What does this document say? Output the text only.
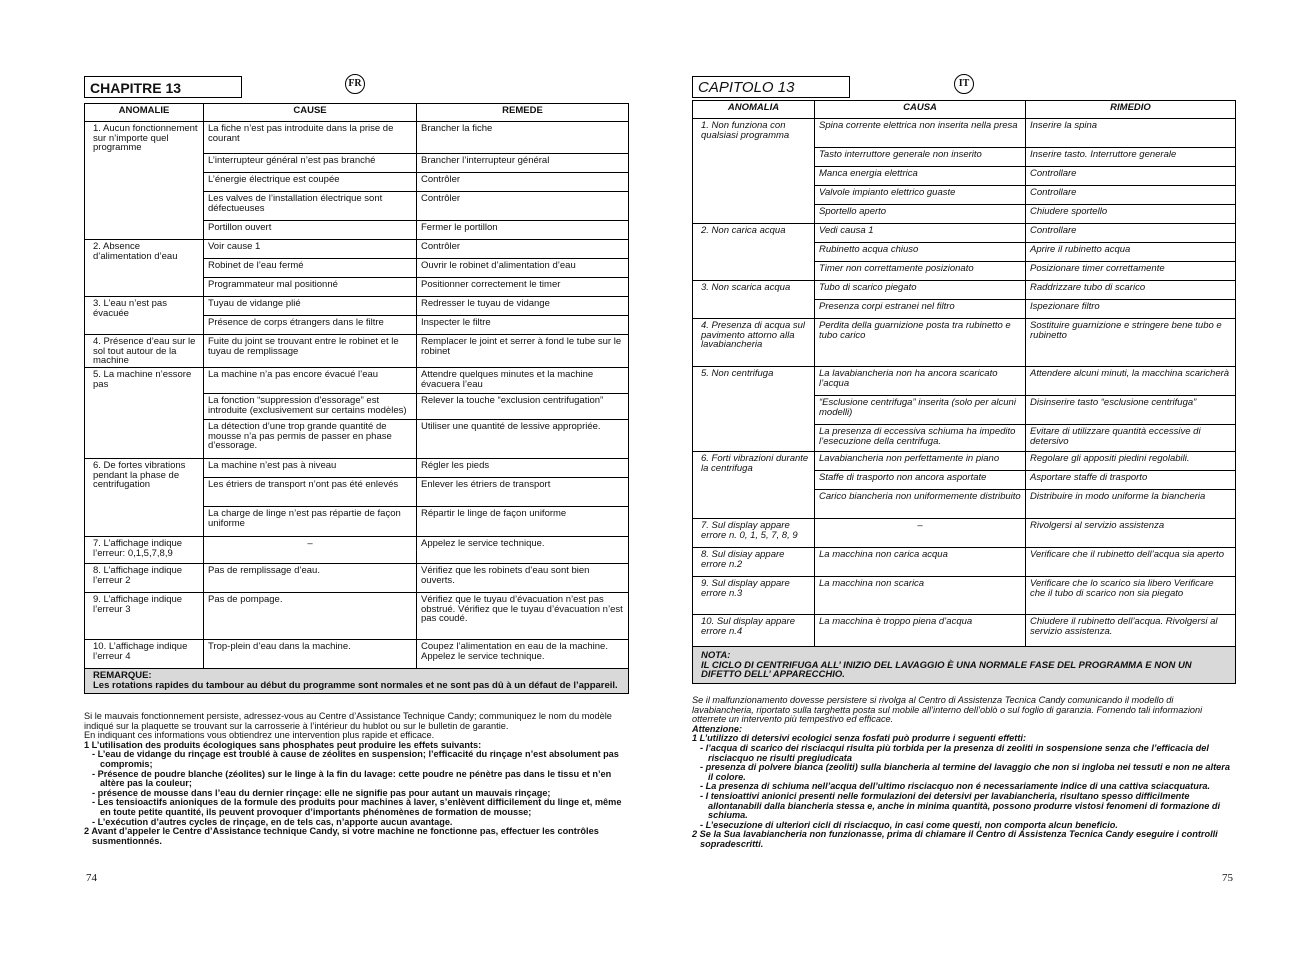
CHAPITRE 13	FR
ANOMALIE	CAUSE	REMEDE
1. Aucun fonctionnement sur n’importe quel programme	La fiche n’est pas introduite dans la prise de courant	Brancher la fiche
	L’interrupteur général n’est pas branché	Brancher l’interrupteur général
	L’énergie électrique est coupée	Contrôler
	Les valves de l’installation électrique sont défectueuses	Contrôler
	Portillon ouvert	Fermer le portillon
2. Absence d’alimentation d’eau	Voir cause 1	Contrôler
	Robinet de l’eau fermé	Ouvrir le robinet d’alimentation d’eau
	Programmateur mal positionné	Positionner correctement le timer
3. L’eau n’est pas évacuée	Tuyau de vidange plié	Redresser le tuyau de vidange
	Présence de corps étrangers dans le filtre	Inspecter le filtre
4. Présence d’eau sur le sol tout autour de la machine	Fuite du joint se trouvant entre le robinet et le tuyau de remplissage	Remplacer le joint et serrer à fond le tube sur le robinet
5. La machine n’essore pas	La machine n’a pas encore évacué l’eau	Attendre quelques minutes et la machine évacuera l’eau
	La fonction “suppression d’essorage” est introduite (exclusivement sur certains modèles)	Relever la touche “exclusion centrifugation”
	La détection d’une trop grande quantité de mousse n’a pas permis de passer en phase d’essorage.	Utiliser une quantité de lessive appropriée.
6. De fortes vibrations pendant la phase de centrifugation	La machine n’est pas à niveau	Régler les pieds
	Les étriers de transport n’ont pas été enlevés	Enlever les étriers de transport
	La charge de linge n’est pas répartie de façon uniforme	Répartir le linge de façon uniforme
7. L’affichage indique l’erreur: 0,1,5,7,8,9	–	Appelez le service technique.
8. L’affichage indique l’erreur 2	Pas de remplissage d’eau.	Vérifiez que les robinets d’eau sont bien ouverts.
9. L’affichage indique l’erreur 3	Pas de pompage.	Vérifiez que le tuyau d’évacuation n’est pas obstrué. Vérifiez que le tuyau d’évacuation n’est pas coudé.
10. L’affichage indique l’erreur 4	Trop-plein d’eau dans la machine.	Coupez l’alimentation en eau de la machine. Appelez le service technique.

REMARQUE:
Les rotations rapides du tambour au début du programme sont normales et ne sont pas dû à un défaut de l’appareil.		

Si le mauvais fonctionnement persiste, adressez-vous au Centre d’Assistance Technique Candy; communiquez le nom du modèle indiqué sur la plaquette se trouvant sur la carrosserie à l’intérieur du hublot ou sur le bulletin de garantie.

En indiquant ces informations vous obtiendrez une intervention plus rapide et efficace.

1 L’utilisation des produits écologiques sans phosphates peut produire les effets suivants:

- L’eau de vidange du rinçage est troublé à cause de zéolites en suspension; l’efficacité du rinçage n’est absolument pas compromis;

- Présence de poudre blanche (zéolites) sur le linge à la fin du lavage: cette poudre ne pénètre pas dans le tissu et n’en altère pas la couleur;

- présence de mousse dans l’eau du dernier rinçage: elle ne signifie pas pour autant un mauvais rinçage;

- Les tensioactifs anioniques de la formule des produits pour machines à laver, s’enlèvent difficilement du linge et, même en toute petite quantité, ils peuvent provoquer d’importants phénomènes de formation de mousse;

- L’exécution d’autres cycles de rinçage, en de tels cas, n’apporte aucun avantage.

2 Avant d’appeler le Centre d’Assistance technique Candy, si votre machine ne fonctionne pas, effectuer les contrôles susmentionnés.

74
CAPITOLO 13	IT
ANOMALIA	CAUSA	RIMEDIO
1. Non funziona con qualsiasi programma	Spina corrente elettrica non inserita nella presa	Inserire la spina
	Tasto interruttore generale non inserito	Inserire tasto. Interruttore generale
	Manca energia elettrica	Controllare
	Valvole impianto elettrico guaste	Controllare
	Sportello aperto	Chiudere sportello
2. Non carica acqua	Vedi causa 1	Controllare
	Rubinetto acqua chiuso	Aprire il rubinetto acqua
	Timer non correttamente posizionato	Posizionare timer correttamente
3. Non scarica acqua	Tubo di scarico piegato	Raddrizzare tubo di scarico
	Presenza corpi estranei nel filtro	Ispezionare filtro
4. Presenza di acqua sul pavimento attorno alla lavabiancheria	Perdita della guarnizione posta tra rubinetto e tubo carico	Sostituire guarnizione e stringere bene tubo e rubinetto
5. Non centrifuga	La lavabiancheria non ha ancora scaricato l’acqua	Attendere alcuni minuti, la macchina scaricherà
	“Esclusione centrifuga” inserita (solo per alcuni modelli)	Disinserire tasto “esclusione centrifuga”
	La presenza di eccessiva schiuma ha impedito l’esecuzione della centrifuga.	Evitare di utilizzare quantità eccessive di detersivo
6. Forti vibrazioni durante la centrifuga	Lavabiancheria non perfettamente in piano	Regolare gli appositi piedini regolabili.
	Staffe di trasporto non ancora asportate	Asportare staffe di trasporto
	Carico biancheria non uniformemente distribuito	Distribuire in modo uniforme la biancheria
7. Sul display appare errore n. 0, 1, 5, 7, 8, 9	–	Rivolgersi al servizio assistenza
8. Sul disiay appare errore n.2	La macchina non carica acqua	Verificare che il rubinetto dell’acqua sia aperto
9. Sul display appare errore n.3	La macchina non scarica	Verificare che lo scarico sia libero Verificare che il tubo di scarico non sia piegato
10. Sul display appare errore n.4	La macchina è troppo piena d’acqua	Chiudere il rubinetto dell’acqua. Rivolgersi al servizio assistenza.

NOTA:
IL CICLO DI CENTRIFUGA ALL’ INIZIO DEL LAVAGGIO È UNA NORMALE FASE DEL PROGRAMMA E NON UN DIFETTO DELL’ APPARECCHIO.		

Se il malfunzionamento dovesse persistere si rivolga al Centro di Assistenza Tecnica Candy comunicando il modello di lavabiancheria, riportato sulla targhetta posta sul mobile all’interno dell’oblò o sul foglio di garanzia. Fornendo tali informazioni otterrete un intervento più tempestivo ed efficace.

Attenzione:

1 L’utilizzo di detersivi ecologici senza fosfati può produrre i seguenti effetti:

- l’acqua di scarico dei risciacqui risulta più torbida per la presenza di zeoliti in sospensione senza che l’efficacia del risciacquo ne risulti pregiudicata

- presenza di polvere bianca (zeoliti) sulla biancheria al termine del lavaggio che non si ingloba nei tessuti e non ne altera il colore.

- La presenza di schiuma nell’acqua dell’ultimo risciacquo non é necessariamente indice di una cattiva sciacquatura.

- I tensioattivi anionici presenti nelle formulazioni dei detersivi per lavabiancheria, risultano spesso difficilmente allontanabili dalla biancheria stessa e, anche in minima quantità, possono produrre vistosi fenomeni di formazione di schiuma.

- L’esecuzione di ulteriori cicli di risciacquo, in casi come questi, non comporta alcun beneficio.

2 Se la Sua lavabiancheria non funzionasse, prima di chiamare il Centro di Assistenza Tecnica Candy eseguire i controlli sopradescritti.

75
